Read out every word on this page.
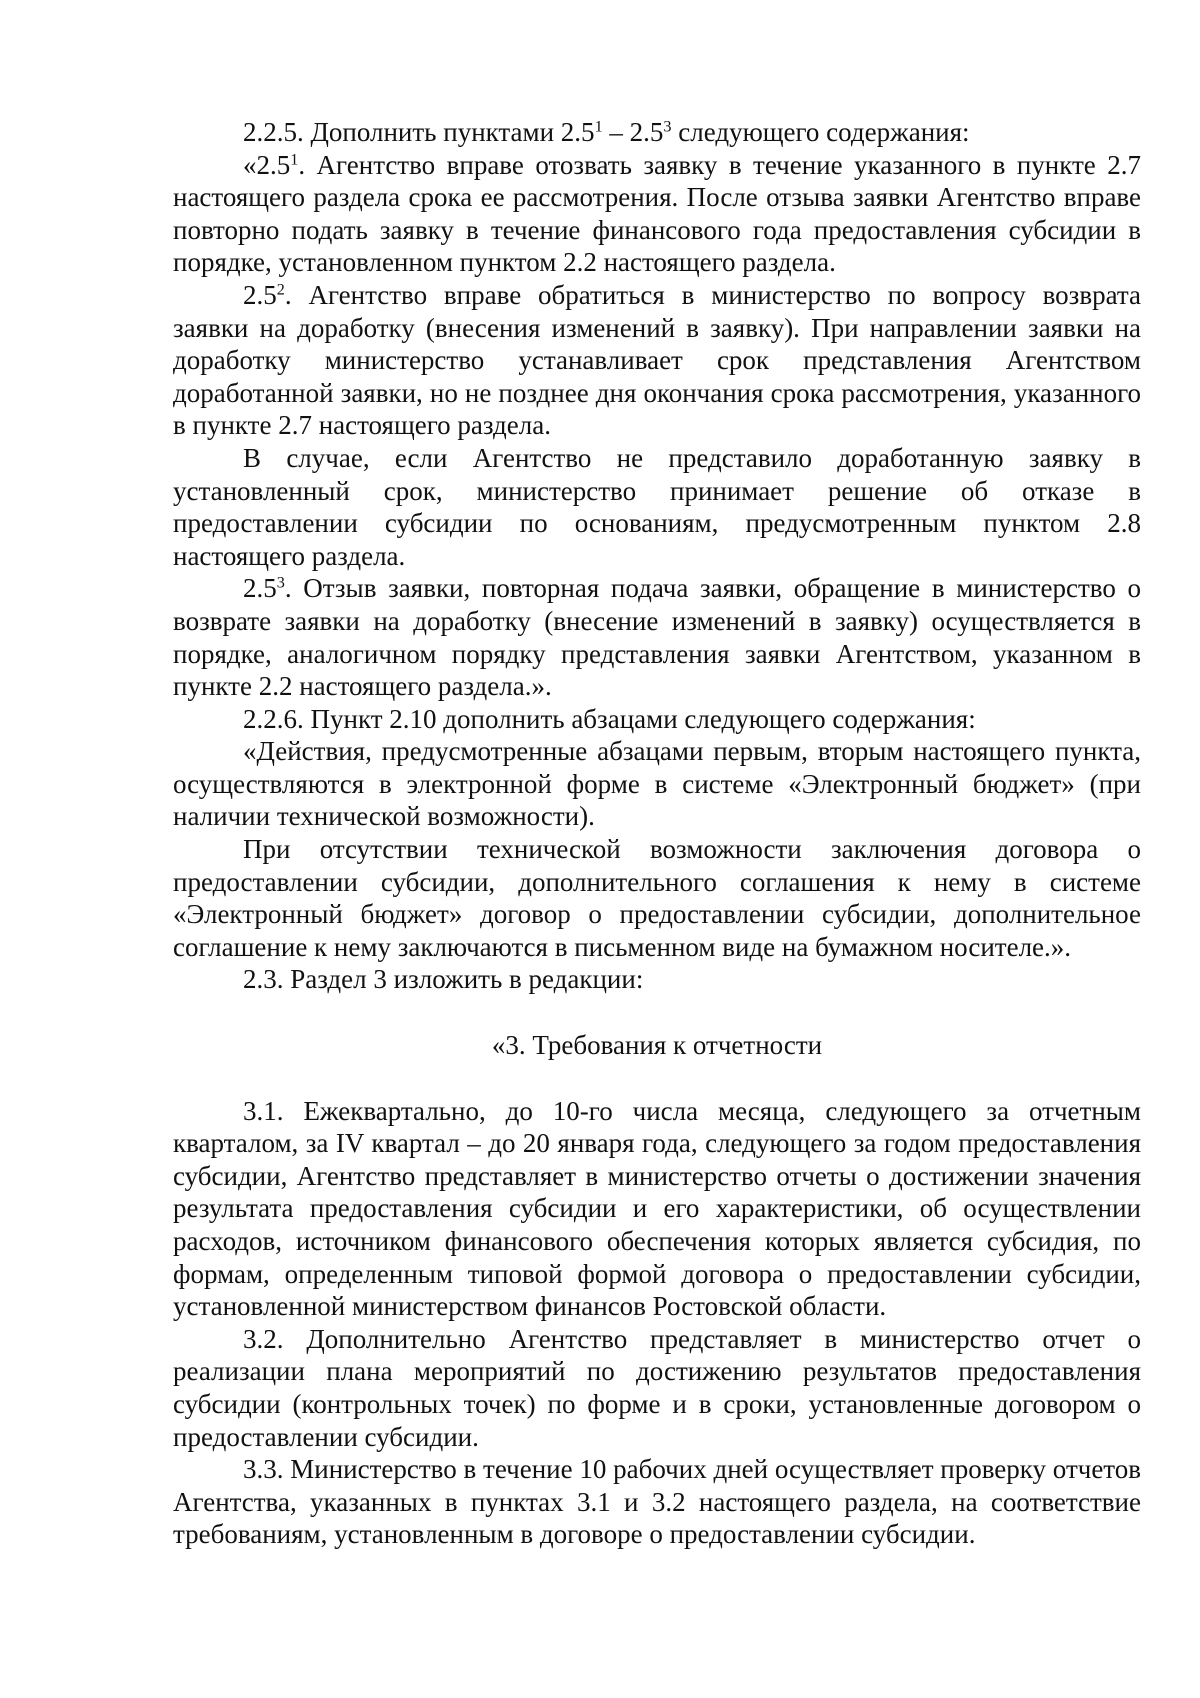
2.2.5. Дополнить пунктами $2.5^1 - 2.5^3$ следующего содержания:

«$2.5^1$. Агентство вправе отозвать заявку в течение указанного в пункте 2.7 настоящего раздела срока ее рассмотрения. После отзыва заявки Агентство вправе повторно подать заявку в течение финансового года предоставления субсидии в порядке, установленном пунктом 2.2 настоящего раздела.

$2.5^2$. Агентство вправе обратиться в министерство по вопросу возврата заявки на доработку (внесения изменений в заявку). При направлении заявки на доработку министерство устанавливает срок представления Агентством доработанной заявки, но не позднее дня окончания срока рассмотрения, указанного в пункте 2.7 настоящего раздела.

В случае, если Агентство не представило доработанную заявку в установленный срок, министерство принимает решение об отказе в предоставлении субсидии по основаниям, предусмотренным пунктом 2.8 настоящего раздела.

$2.5^3$. Отзыв заявки, повторная подача заявки, обращение в министерство о возврате заявки на доработку (внесение изменений в заявку) осуществляется в порядке, аналогичном порядку представления заявки Агентством, указанном в пункте 2.2 настоящего раздела.».

2.2.6. Пункт 2.10 дополнить абзацами следующего содержания:

«Действия, предусмотренные абзацами первым, вторым настоящего пункта, осуществляются в электронной форме в системе «Электронный бюджет» (при наличии технической возможности).

При отсутствии технической возможности заключения договора о предоставлении субсидии, дополнительного соглашения к нему в системе «Электронный бюджет» договор о предоставлении субсидии, дополнительное соглашение к нему заключаются в письменном виде на бумажном носителе.».

2.3. Раздел 3 изложить в редакции:

«3. Требования к отчетности

3.1. Ежеквартально, до 10-го числа месяца, следующего за отчетным кварталом, за IV квартал – до 20 января года, следующего за годом предоставления субсидии, Агентство представляет в министерство отчеты о достижении значения результата предоставления субсидии и его характеристики, об осуществлении расходов, источником финансового обеспечения которых является субсидия, по формам, определенным типовой формой договора о предоставлении субсидии, установленной министерством финансов Ростовской области.

3.2. Дополнительно Агентство представляет в министерство отчет о реализации плана мероприятий по достижению результатов предоставления субсидии (контрольных точек) по форме и в сроки, установленные договором о предоставлении субсидии.

3.3. Министерство в течение 10 рабочих дней осуществляет проверку отчетов Агентства, указанных в пунктах 3.1 и 3.2 настоящего раздела, на соответствие требованиям, установленным в договоре о предоставлении субсидии.
